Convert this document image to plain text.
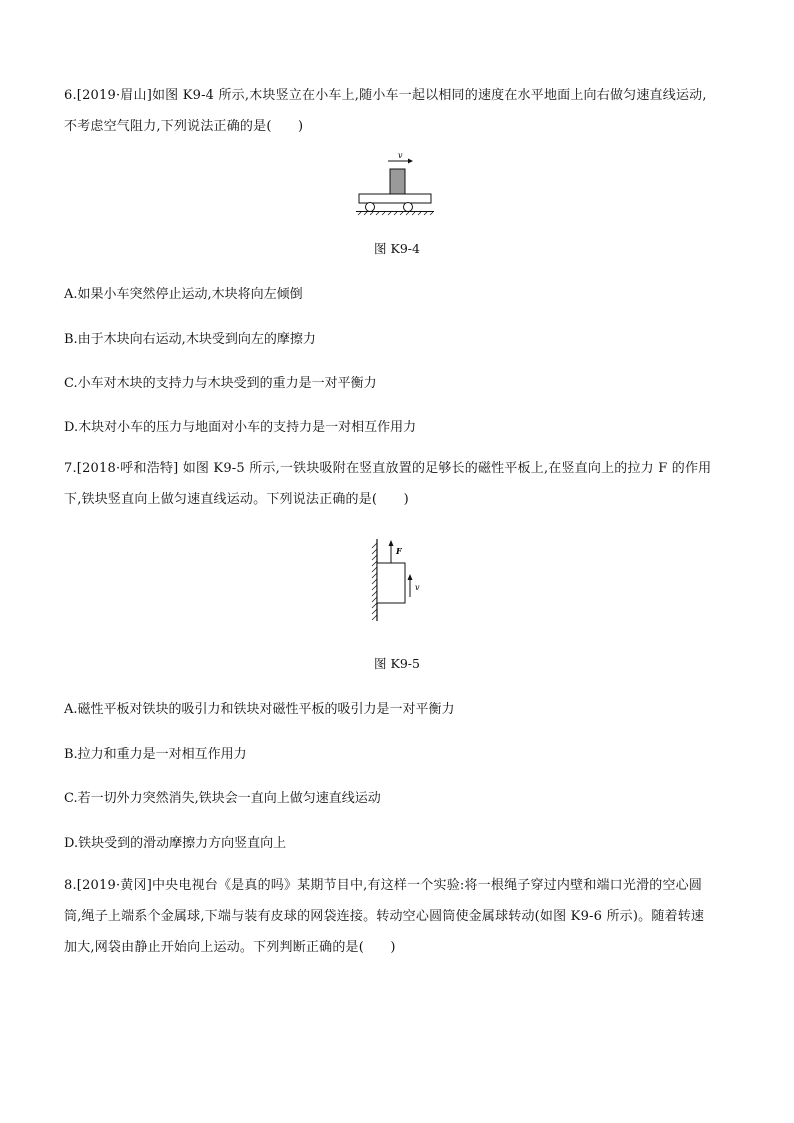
6.[2019·眉山]如图 K9-4 所示,木块竖立在小车上,随小车一起以相同的速度在水平地面上向右做匀速直线运动,
不考虑空气阻力,下列说法正确的是(　　)
v
图 K9-4
A.如果小车突然停止运动,木块将向左倾倒
B.由于木块向右运动,木块受到向左的摩擦力
C.小车对木块的支持力与木块受到的重力是一对平衡力
D.木块对小车的压力与地面对小车的支持力是一对相互作用力
7.[2018·呼和浩特] 如图 K9-5 所示,一铁块吸附在竖直放置的足够长的磁性平板上,在竖直向上的拉力 F 的作用
下,铁块竖直向上做匀速直线运动。下列说法正确的是(　　)
F
v
图 K9-5
A.磁性平板对铁块的吸引力和铁块对磁性平板的吸引力是一对平衡力
B.拉力和重力是一对相互作用力
C.若一切外力突然消失,铁块会一直向上做匀速直线运动
D.铁块受到的滑动摩擦力方向竖直向上
8.[2019·黄冈]中央电视台《是真的吗》某期节目中,有这样一个实验:将一根绳子穿过内壁和端口光滑的空心圆
筒,绳子上端系个金属球,下端与装有皮球的网袋连接。转动空心圆筒使金属球转动(如图 K9-6 所示)。随着转速
加大,网袋由静止开始向上运动。下列判断正确的是(　　)
